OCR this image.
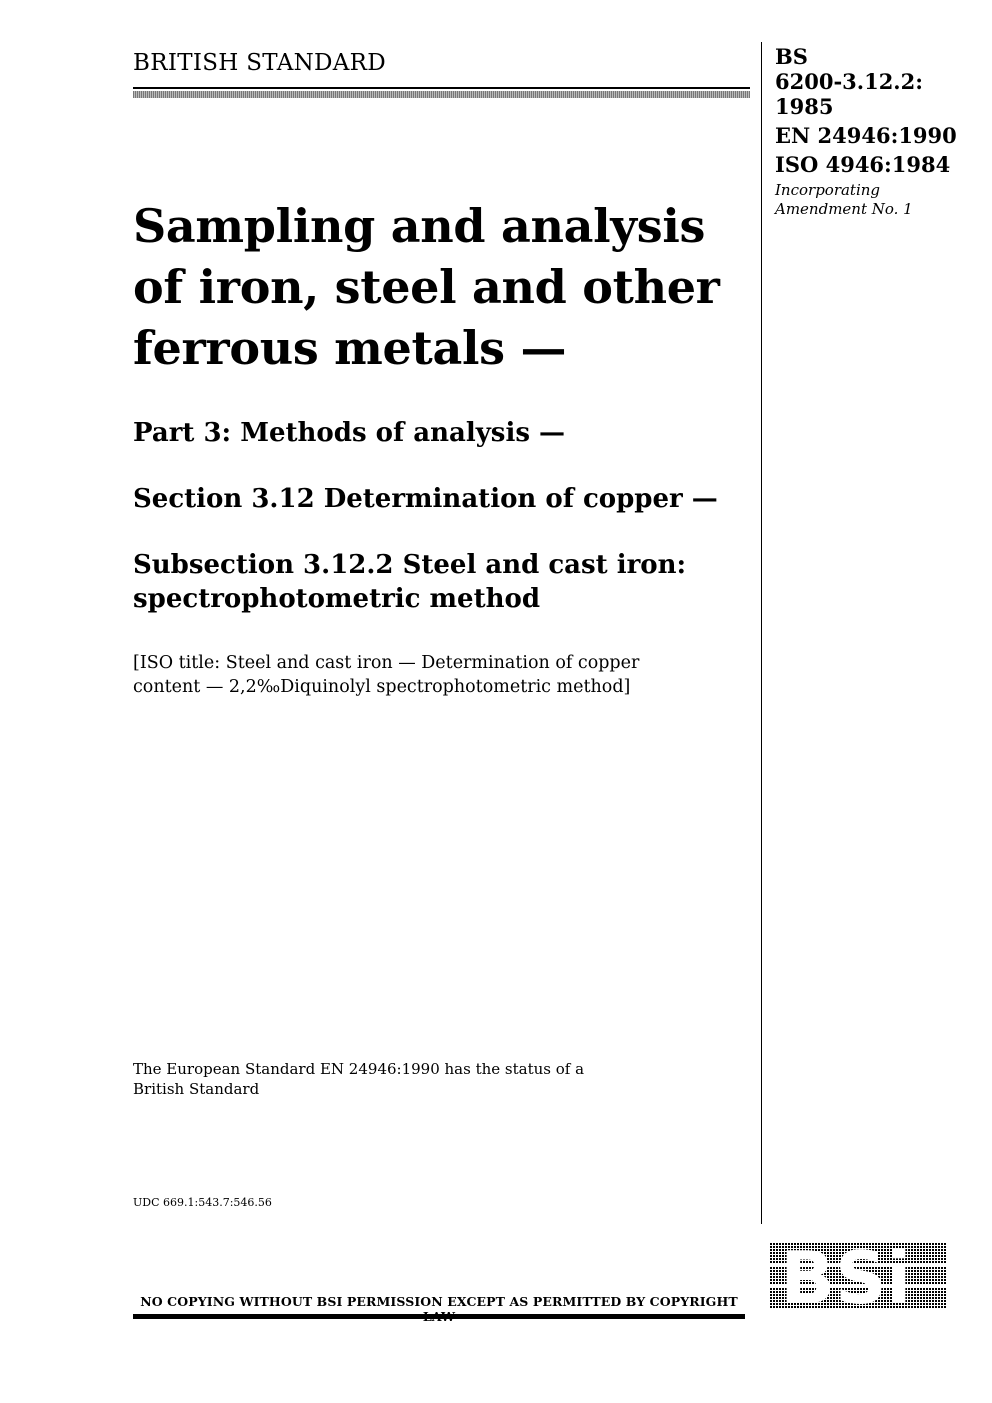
BRITISH STANDARD	BS
6200-3.12.2:
1985
EN 24946:1990
ISO 4946:1984
Incorporating
Amendment No. 1
Sampling and analysis
of iron, steel and other
ferrous metals —
Part 3: Methods of analysis —
Section 3.12 Determination of copper —
Subsection 3.12.2 Steel and cast iron:
spectrophotometric method
[ISO title: Steel and cast iron — Determination of copper
content — 2,2‰Diquinolyl spectrophotometric method]
The European Standard EN 24946:1990 has the status of a
British Standard
UDC 669.1:543.7:546.56
NO COPYING WITHOUT BSI PERMISSION EXCEPT AS PERMITTED BY COPYRIGHT
